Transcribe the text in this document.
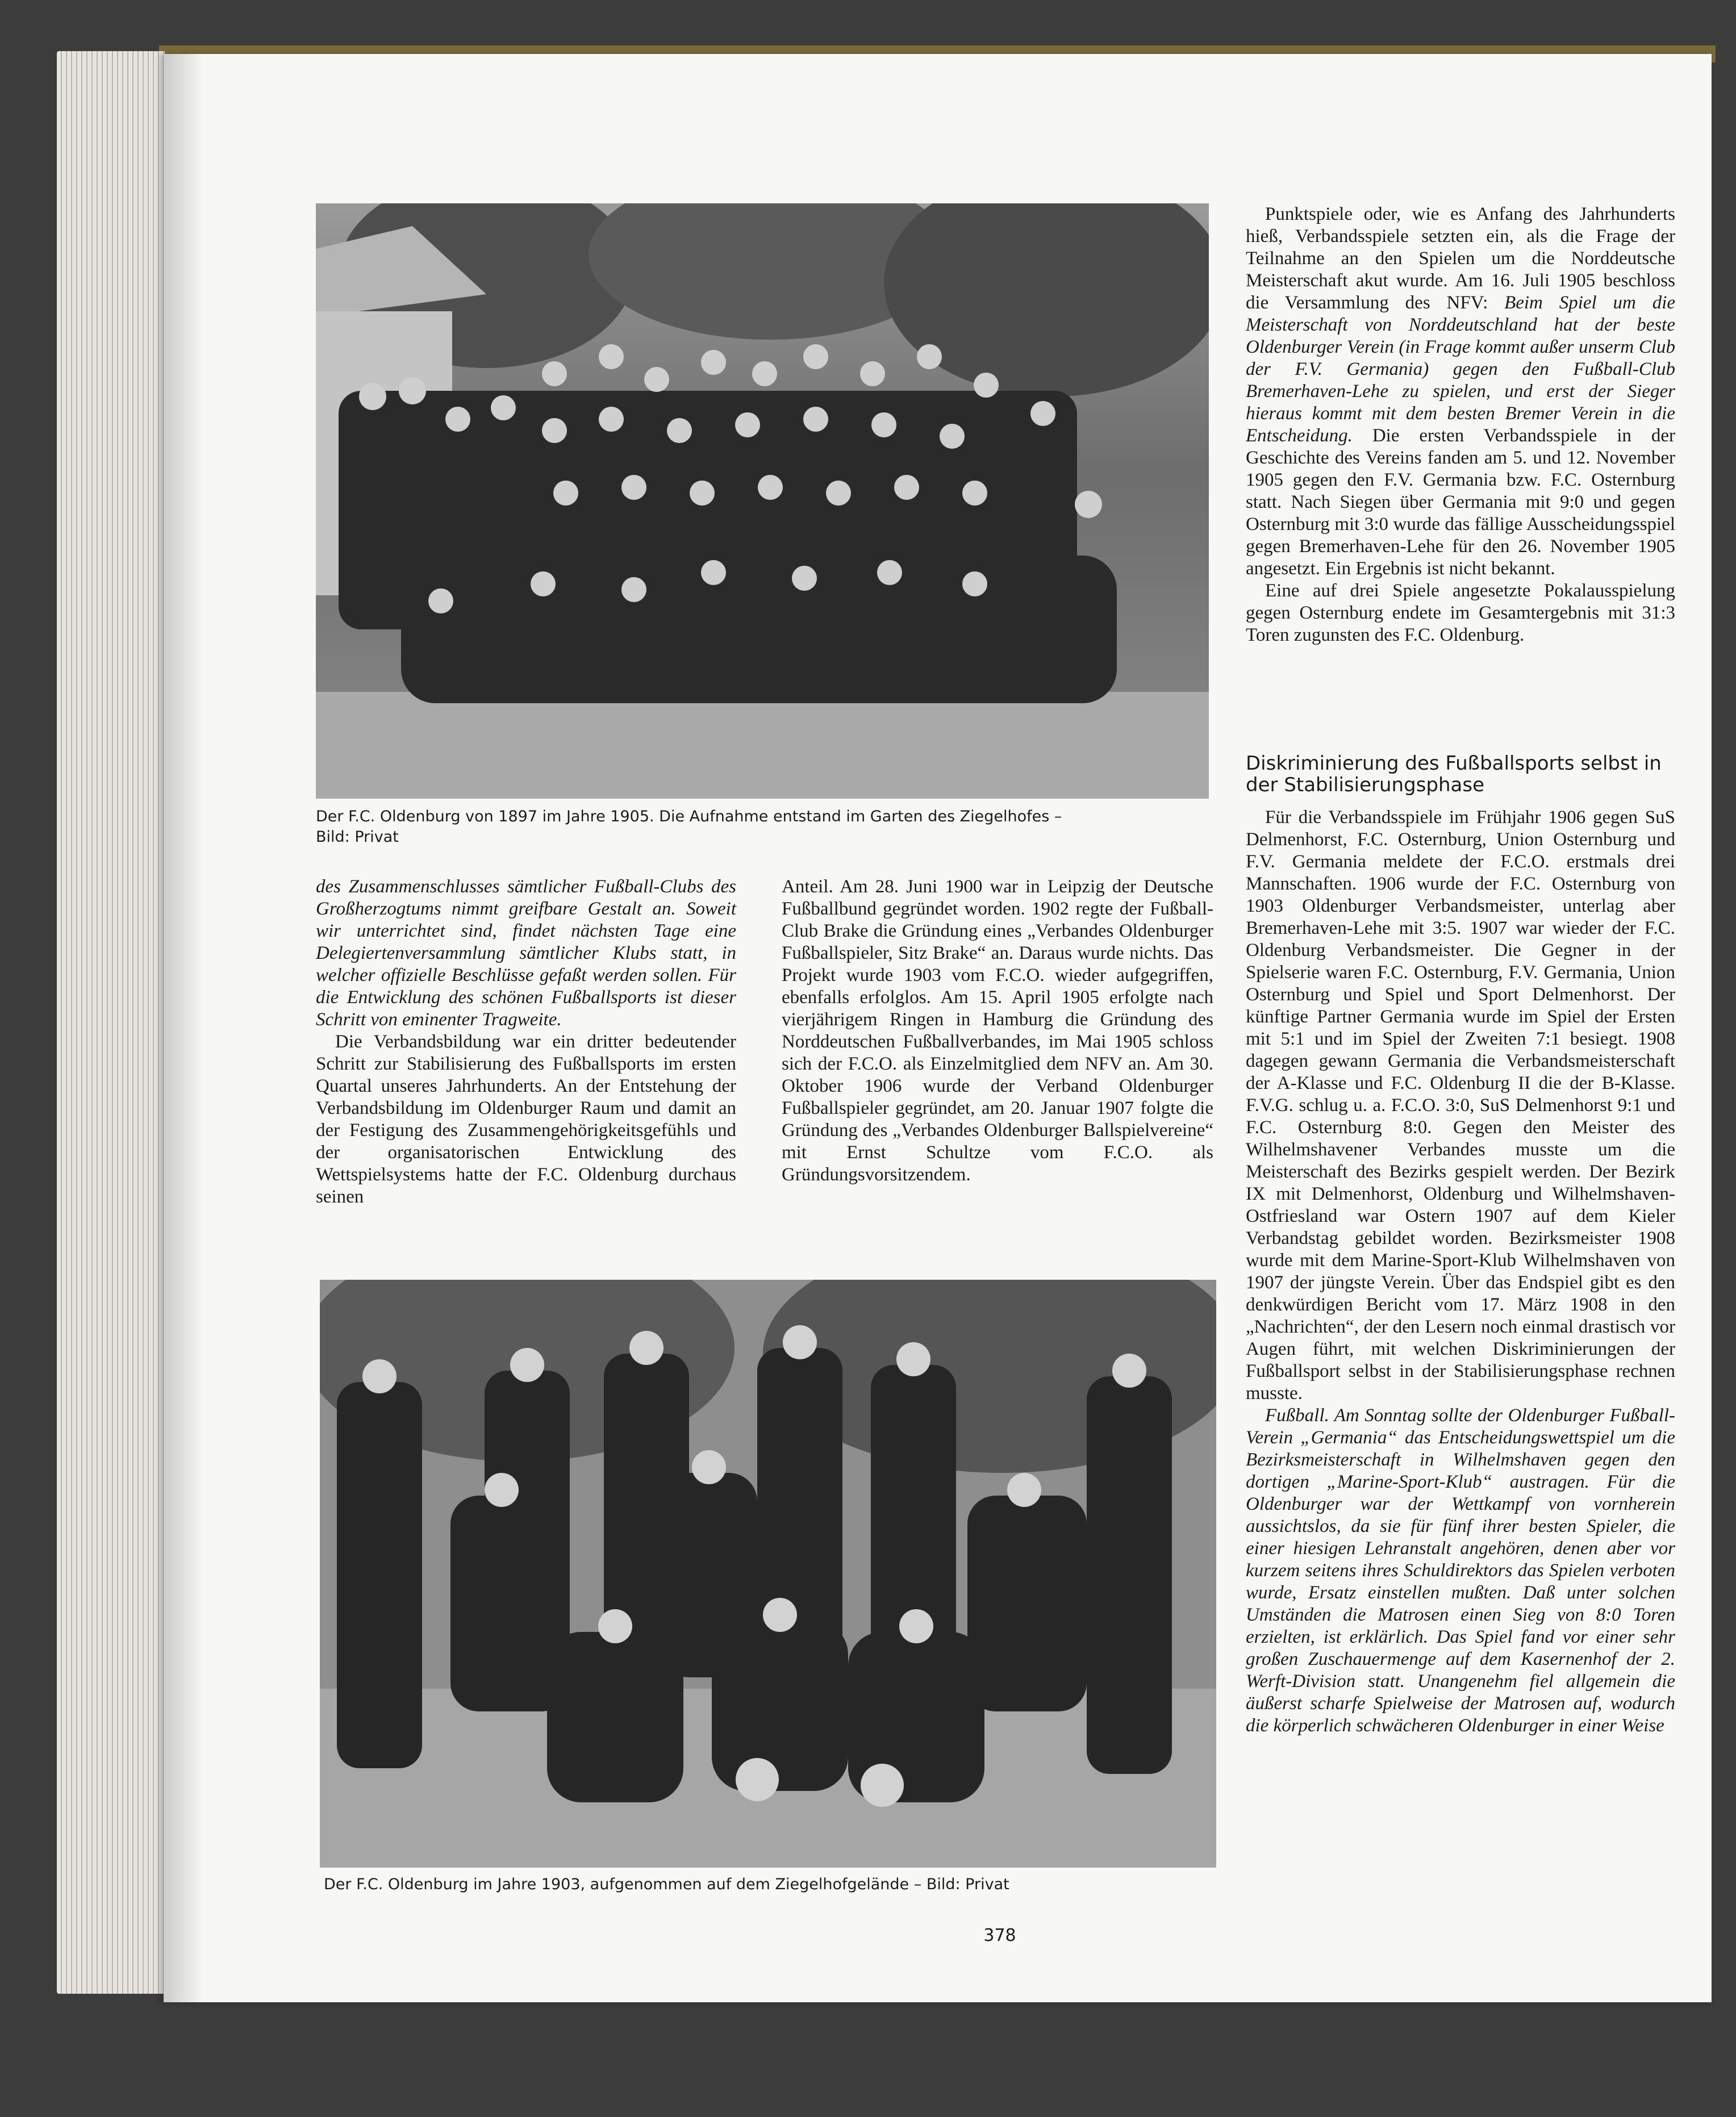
Der F.C. Oldenburg von 1897 im Jahre 1905. Die Aufnahme entstand im Garten des Ziegelhofes –
Bild: Privat

des Zusammenschlusses sämtlicher Fußball-Clubs des Großherzogtums nimmt greifbare Gestalt an. Soweit wir unterrichtet sind, findet nächsten Tage eine Delegiertenversammlung sämtlicher Klubs statt, in welcher offizielle Beschlüsse gefaßt werden sollen. Für die Entwicklung des schönen Fußballsports ist dieser Schritt von eminenter Tragweite.

Die Verbandsbildung war ein dritter bedeutender Schritt zur Stabilisierung des Fußballsports im ersten Quartal unseres Jahrhunderts. An der Entstehung der Verbandsbildung im Oldenburger Raum und damit an der Festigung des Zusammengehörigkeitsgefühls und der organisatorischen Entwicklung des Wettspielsystems hatte der F.C. Oldenburg durchaus seinen

Anteil. Am 28. Juni 1900 war in Leipzig der Deutsche Fußballbund gegründet worden. 1902 regte der Fußball-Club Brake die Gründung eines „Verbandes Oldenburger Fußballspieler, Sitz Brake“ an. Daraus wurde nichts. Das Projekt wurde 1903 vom F.C.O. wieder aufgegriffen, ebenfalls erfolglos. Am 15. April 1905 erfolgte nach vierjährigem Ringen in Hamburg die Gründung des Norddeutschen Fußballverbandes, im Mai 1905 schloss sich der F.C.O. als Einzelmitglied dem NFV an. Am 30. Oktober 1906 wurde der Verband Oldenburger Fußballspieler gegründet, am 20. Januar 1907 folgte die Gründung des „Verbandes Oldenburger Ballspielvereine“ mit Ernst Schultze vom F.C.O. als Gründungsvorsitzendem.

Der F.C. Oldenburg im Jahre 1903, aufgenommen auf dem Ziegelhofgelände – Bild: Privat

Punktspiele oder, wie es Anfang des Jahrhunderts hieß, Verbandsspiele setzten ein, als die Frage der Teilnahme an den Spielen um die Norddeutsche Meisterschaft akut wurde. Am 16. Juli 1905 beschloss die Versammlung des NFV: Beim Spiel um die Meisterschaft von Norddeutschland hat der beste Oldenburger Verein (in Frage kommt außer unserm Club der F.V. Germania) gegen den Fußball-Club Bremerhaven-Lehe zu spielen, und erst der Sieger hieraus kommt mit dem besten Bremer Verein in die Entscheidung. Die ersten Verbandsspiele in der Geschichte des Vereins fanden am 5. und 12. November 1905 gegen den F.V. Germania bzw. F.C. Osternburg statt. Nach Siegen über Germania mit 9:0 und gegen Osternburg mit 3:0 wurde das fällige Ausscheidungsspiel gegen Bremerhaven-Lehe für den 26. November 1905 angesetzt. Ein Ergebnis ist nicht bekannt.

Eine auf drei Spiele angesetzte Pokalausspielung gegen Osternburg endete im Gesamtergebnis mit 31:3 Toren zugunsten des F.C. Oldenburg.

Diskriminierung des Fußballsports selbst in der Stabilisierungsphase

Für die Verbandsspiele im Frühjahr 1906 gegen SuS Delmenhorst, F.C. Osternburg, Union Osternburg und F.V. Germania meldete der F.C.O. erstmals drei Mannschaften. 1906 wurde der F.C. Osternburg von 1903 Oldenburger Verbandsmeister, unterlag aber Bremerhaven-Lehe mit 3:5. 1907 war wieder der F.C. Oldenburg Verbandsmeister. Die Gegner in der Spielserie waren F.C. Osternburg, F.V. Germania, Union Osternburg und Spiel und Sport Delmenhorst. Der künftige Partner Germania wurde im Spiel der Ersten mit 5:1 und im Spiel der Zweiten 7:1 besiegt. 1908 dagegen gewann Germania die Verbandsmeisterschaft der A-Klasse und F.C. Oldenburg II die der B-Klasse. F.V.G. schlug u. a. F.C.O. 3:0, SuS Delmenhorst 9:1 und F.C. Osternburg 8:0. Gegen den Meister des Wilhelmshavener Verbandes musste um die Meisterschaft des Bezirks gespielt werden. Der Bezirk IX mit Delmenhorst, Oldenburg und Wilhelmshaven-Ostfriesland war Ostern 1907 auf dem Kieler Verbandstag gebildet worden. Bezirksmeister 1908 wurde mit dem Marine-Sport-Klub Wilhelmshaven von 1907 der jüngste Verein. Über das Endspiel gibt es den denkwürdigen Bericht vom 17. März 1908 in den „Nachrichten“, der den Lesern noch einmal drastisch vor Augen führt, mit welchen Diskriminierungen der Fußballsport selbst in der Stabilisierungsphase rechnen musste.

Fußball. Am Sonntag sollte der Oldenburger Fußball-Verein „Germania“ das Entscheidungswettspiel um die Bezirksmeisterschaft in Wilhelmshaven gegen den dortigen „Marine-Sport-Klub“ austragen. Für die Oldenburger war der Wettkampf von vornherein aussichtslos, da sie für fünf ihrer besten Spieler, die einer hiesigen Lehranstalt angehören, denen aber vor kurzem seitens ihres Schuldirektors das Spielen verboten wurde, Ersatz einstellen mußten. Daß unter solchen Umständen die Matrosen einen Sieg von 8:0 Toren erzielten, ist erklärlich. Das Spiel fand vor einer sehr großen Zuschauermenge auf dem Kasernenhof der 2. Werft-Division statt. Unangenehm fiel allgemein die äußerst scharfe Spielweise der Matrosen auf, wodurch die körperlich schwächeren Oldenburger in einer Weise

378
